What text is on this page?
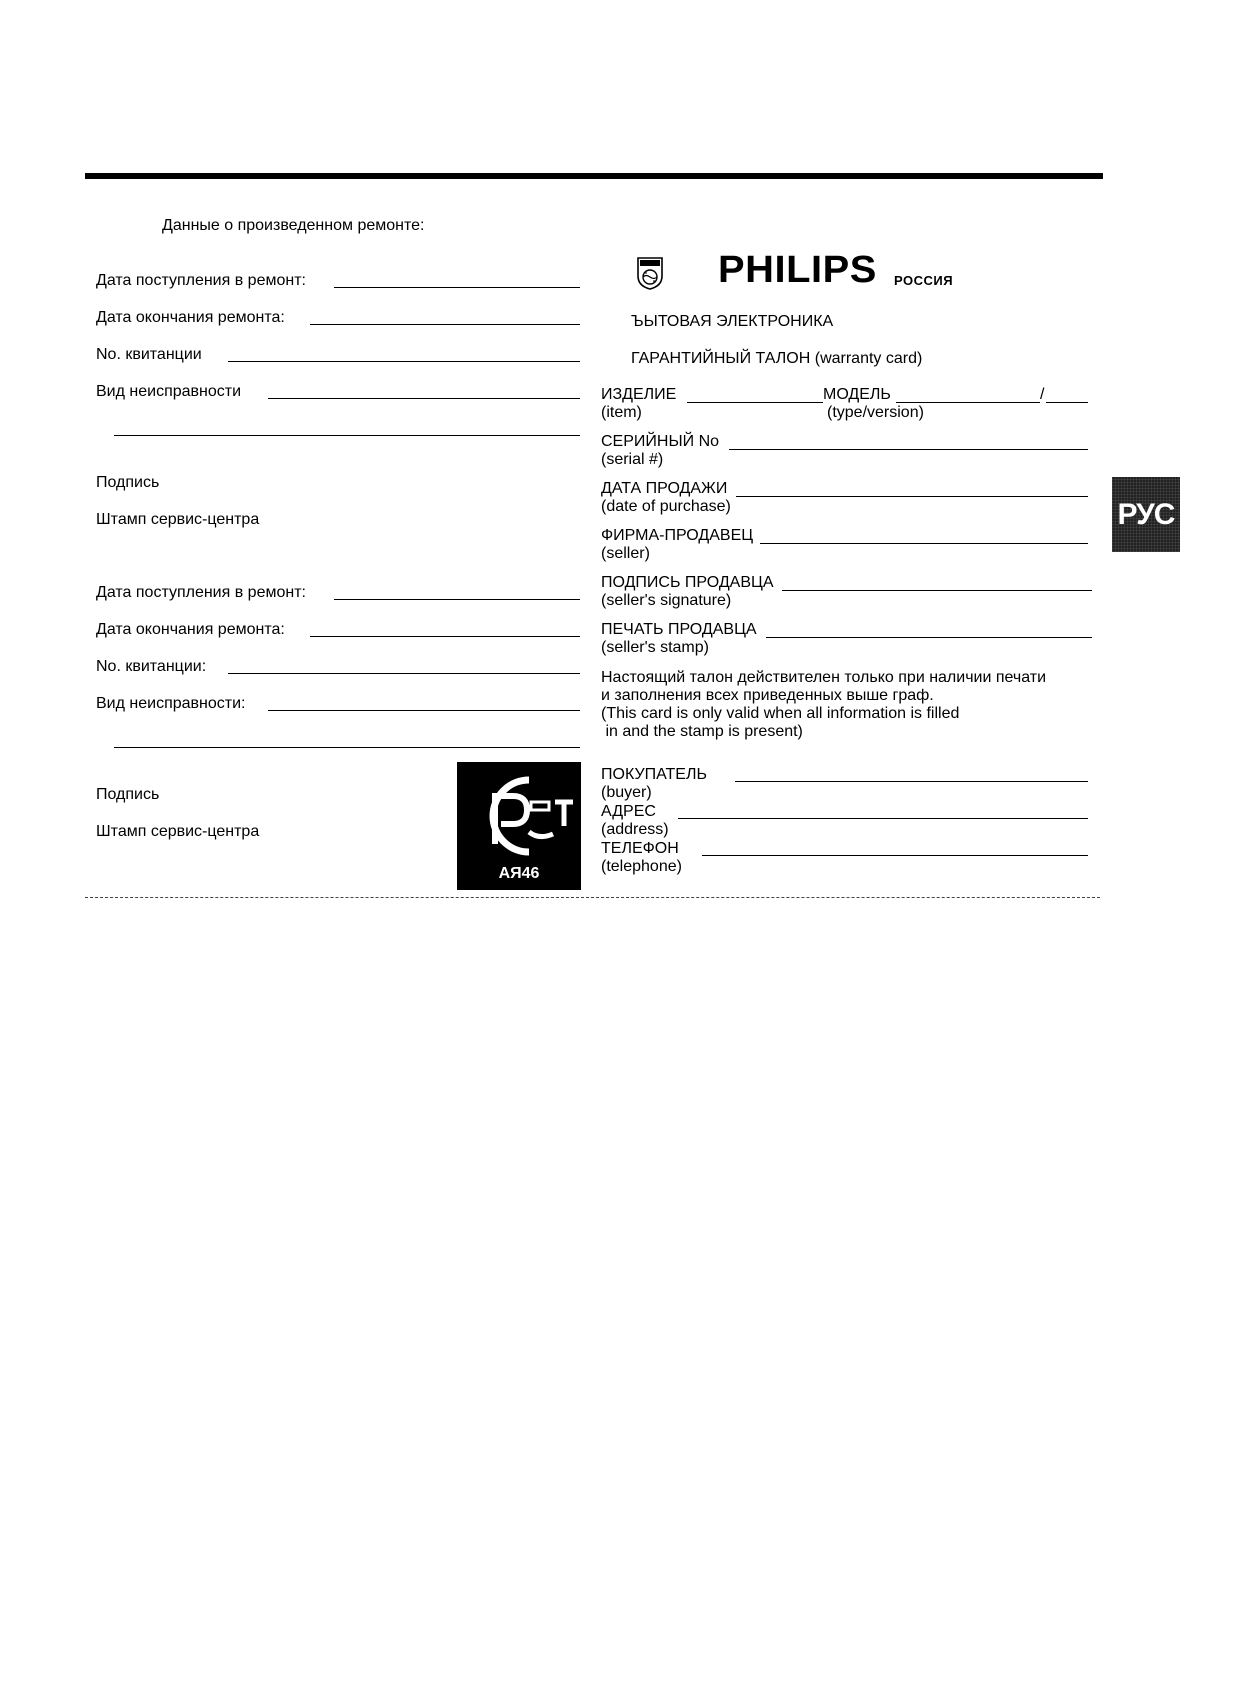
Данные о произведенном ремонте:
Дата поступления в ремонт:
Дата окончания ремонта:
No. квитанции
Вид неисправности
Подпись
Штамп сервис-центра
Дата поступления в ремонт:
Дата окончания ремонта:
No. квитанции:
Вид неисправности:
Подпись
Штамп сервис-центра
АЯ46
PHILIPS РОССИЯ
ЪЫТОВАЯ ЭЛЕКТРОНИКА
ГАРАНТИЙНЫЙ ТАЛОН (warranty card)
ИЗДЕЛИЕ	МОДЕЛЬ	/
(item)	(type/version)
СЕРИЙНЫЙ No
(serial #)
ДАТА ПРОДАЖИ
(date of purchase)
ФИРМА-ПРОДАВЕЦ
(seller)
ПОДПИСЬ ПРОДАВЦА
(seller's signature)
ПЕЧАТЬ ПРОДАВЦА
(seller's stamp)
Настоящий талон действителен только при наличии печати
и заполнения всех приведенных выше граф.
(This card is only valid when all information is filled
in and the stamp is present)
ПОКУПАТЕЛЬ
(buyer)
АДРЕС
(address)
ТЕЛЕФОН
(telephone)
РУС
